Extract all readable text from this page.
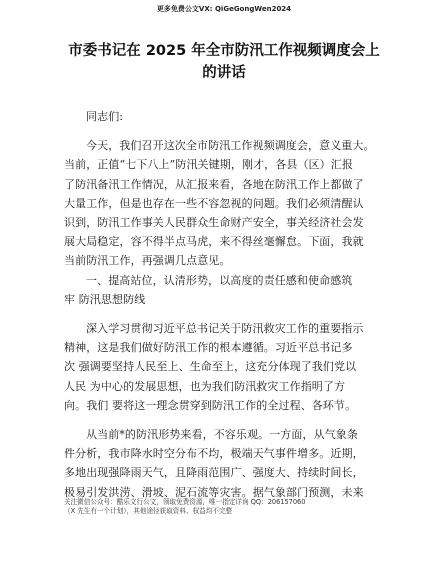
更多免费公文VX: QiGeGongWen2024
市委书记在 2025 年全市防汛工作视频调度会上
的讲话

同志们:

今天，我们召开这次全市防汛工作视频调度会，意义重大。

当前，正值“七下八上”防汛关键期，刚才，各县（区）汇报

了防汛备汛工作情况，从汇报来看，各地在防汛工作上都做了

大量工作，但是也存在一些不容忽视的问题。我们必须清醒认

识到，防汛工作事关人民群众生命财产安全，事关经济社会发

展大局稳定，容不得半点马虎，来不得丝毫懈怠。下面，我就

当前防汛工作，再强调几点意见。

一、提高站位，认清形势，以高度的责任感和使命感筑

牢 防汛思想防线

深入学习贯彻习近平总书记关于防汛救灾工作的重要指示

精神，这是我们做好防汛工作的根本遵循。习近平总书记多

次 强调要坚持人民至上、生命至上，这充分体现了我们党以

人民 为中心的发展思想，也为我们防汛救灾工作指明了方

向。我们 要将这一理念贯穿到防汛工作的全过程、各环节。

从当前*的防汛形势来看，不容乐观。一方面，从气象条

件分析，我市降水时空分布不均，极端天气事件增多。近期，

多地出现强降雨天气，且降雨范围广、强度大、持续时间长，

极易引发洪涝、滑坡、泥石流等灾害。据气象部门预测，未来

关注微信公众号：酷乐文行公文，领取免费资源，唯一指定详询 QQ：206157060

（X 先生有一个计划），其他途径获取资料、权益均不完整
